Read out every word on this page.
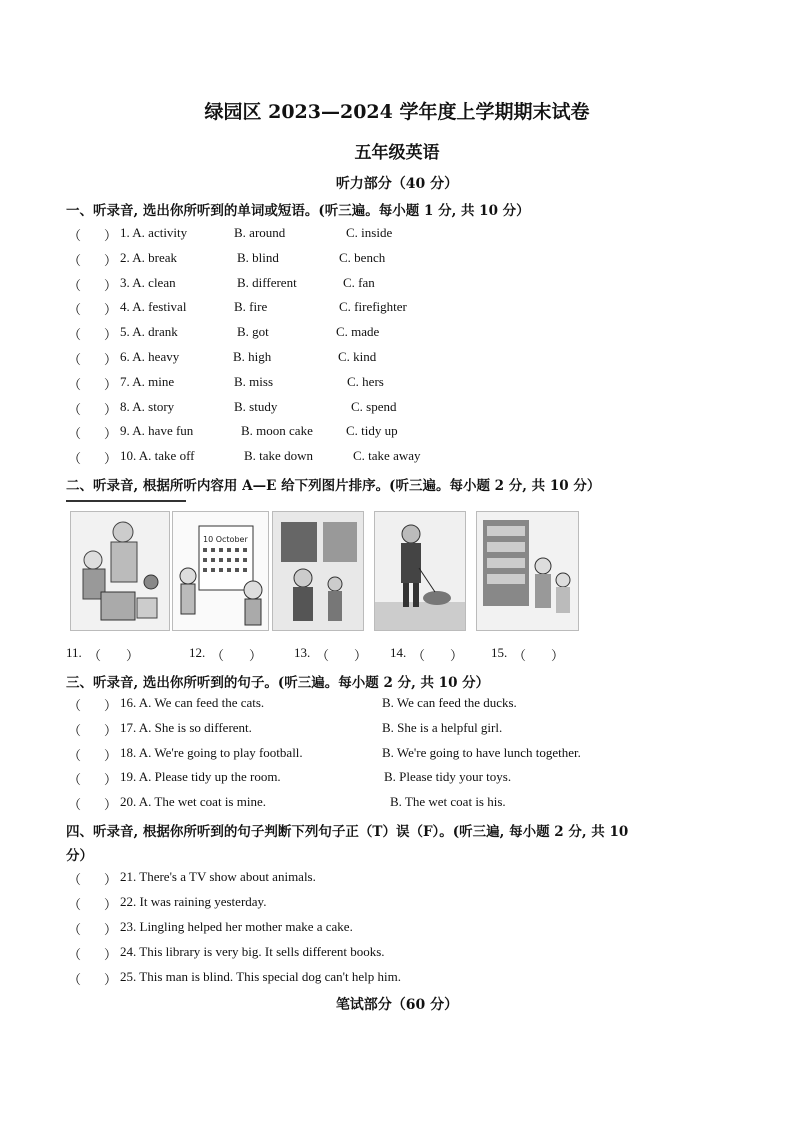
绿园区 2023—2024 学年度上学期期末试卷
五年级英语
听力部分（40 分）
一、听录音, 选出你所听到的单词或短语。(听三遍。每小题 1 分, 共 10 分）
（ ） 1. A. activity	B. around	C. inside
（ ） 2. A. break	B. blind	C. bench
（ ） 3. A. clean	B. different	C. fan
（ ） 4. A. festival	B. fire	C. firefighter
（ ） 5. A. drank	B. got	C. made
（ ） 6. A. heavy	B. high	C. kind
（ ） 7. A. mine	B. miss	C. hers
（ ） 8. A. story	B. study	C. spend
（ ） 9. A. have fun	B. moon cake	C. tidy up
（ ） 10. A. take off	B. take down	C. take away
二、听录音, 根据所听内容用 A—E 给下列图片排序。(听三遍。每小题 2 分, 共 10 分）
10 October
11. （ ）	12. （ ） 13. （ ） 14. （ ） 15. （ ）
三、听录音, 选出你所听到的句子。(听三遍。每小题 2 分, 共 10 分）
（ ） 16. A. We can feed the cats.	B. We can feed the ducks.
（ ） 17. A. She is so different.	B. She is a helpful girl.
（ ） 18. A. We're going to play football.	B. We're going to have lunch together.
（ ） 19. A. Please tidy up the room.	B. Please tidy your toys.
（ ） 20. A. The wet coat is mine.	B. The wet coat is his.
四、听录音, 根据你所听到的句子判断下列句子正（T）误（F）。(听三遍, 每小题 2 分, 共 10
分）
（ ） 21. There's a TV show about animals.
（ ） 22. It was raining yesterday.
（ ） 23. Lingling helped her mother make a cake.
（ ） 24. This library is very big. It sells different books.
（ ） 25. This man is blind. This special dog can't help him.
笔试部分（60 分）
